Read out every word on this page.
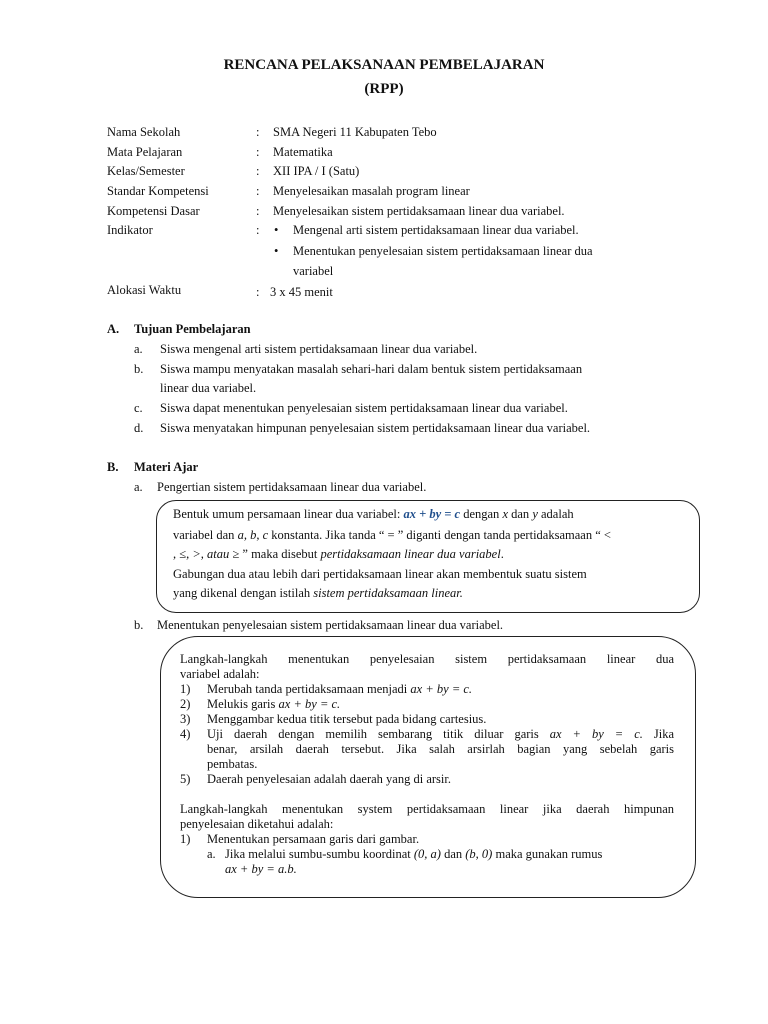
RENCANA PELAKSANAAN PEMBELAJARAN
(RPP)
Nama Sekolah	: SMA Negeri 11 Kabupaten Tebo
Mata Pelajaran	: Matematika
Kelas/Semester	: XII IPA / I (Satu)
Standar Kompetensi	: Menyelesaikan masalah program linear
Kompetensi Dasar	: Menyelesaikan sistem pertidaksamaan linear dua variabel.
Indikator	: • Mengenal arti sistem pertidaksamaan linear dua variabel.
• Menentukan penyelesaian sistem pertidaksamaan linear dua
variabel
Alokasi Waktu	: 3 x 45 menit
A. Tujuan Pembelajaran
a. Siswa mengenal arti sistem pertidaksamaan linear dua variabel.
b. Siswa mampu menyatakan masalah sehari-hari dalam bentuk sistem pertidaksamaan
linear dua variabel.
c. Siswa dapat menentukan penyelesaian sistem pertidaksamaan linear dua variabel.
d. Siswa menyatakan himpunan penyelesaian sistem pertidaksamaan linear dua variabel.
B. Materi Ajar
a. Pengertian sistem pertidaksamaan linear dua variabel.
Bentuk umum persamaan linear dua variabel: ax + by = c dengan x dan y adalah
variabel dan a, b, c konstanta. Jika tanda “ = ” diganti dengan tanda pertidaksamaan “ <
, ≤, >, atau ≥ ” maka disebut pertidaksamaan linear dua variabel.
Gabungan dua atau lebih dari pertidaksamaan linear akan membentuk suatu sistem
yang dikenal dengan istilah sistem pertidaksamaan linear.
b. Menentukan penyelesaian sistem pertidaksamaan linear dua variabel.
Langkah-langkah menentukan penyelesaian sistem pertidaksamaan linear dua
variabel adalah:
1) Merubah tanda pertidaksamaan menjadi ax + by = c.
2) Melukis garis ax + by = c.
3) Menggambar kedua titik tersebut pada bidang cartesius.
4) Uji daerah dengan memilih sembarang titik diluar garis ax + by = c. Jika
benar, arsilah daerah tersebut. Jika salah arsirlah bagian yang sebelah garis
pembatas.
5) Daerah penyelesaian adalah daerah yang di arsir.
Langkah-langkah menentukan system pertidaksamaan linear jika daerah himpunan
penyelesaian diketahui adalah:
1) Menentukan persamaan garis dari gambar.
a. Jika melalui sumbu-sumbu koordinat (0, a) dan (b, 0) maka gunakan rumus
ax + by = a.b.
